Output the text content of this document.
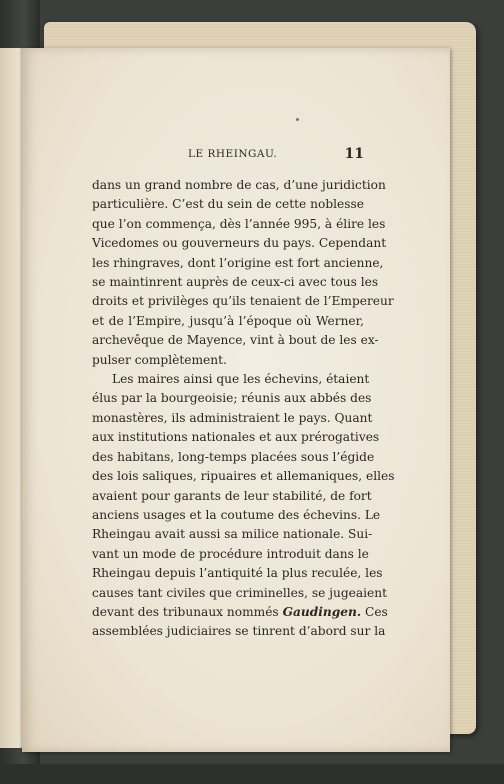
LE RHEINGAU.	11
dans un grand nombre de cas, d’une juridiction
particulière. C’est du sein de cette noblesse
que l’on commença, dès l’année 995, à élire les
Vicedomes ou gouverneurs du pays. Cependant
les rhingraves, dont l’origine est fort ancienne,
se maintinrent auprès de ceux-ci avec tous les
droits et privilèges qu’ils tenaient de l’Empereur
et de l’Empire, jusqu’à l’époque où Werner,
archevêque de Mayence, vint à bout de les ex-
pulser complètement.
Les maires ainsi que les échevins, étaient
élus par la bourgeoisie; réunis aux abbés des
monastères, ils administraient le pays. Quant
aux institutions nationales et aux prérogatives
des habitans, long-temps placées sous l’égide
des lois saliques, ripuaires et allemaniques, elles
avaient pour garants de leur stabilité, de fort
anciens usages et la coutume des échevins. Le
Rheingau avait aussi sa milice nationale. Sui-
vant un mode de procédure introduit dans le
Rheingau depuis l’antiquité la plus reculée, les
causes tant civiles que criminelles, se jugeaient
devant des tribunaux nommés Gaudingen. Ces
assemblées judiciaires se tinrent d’abord sur la
